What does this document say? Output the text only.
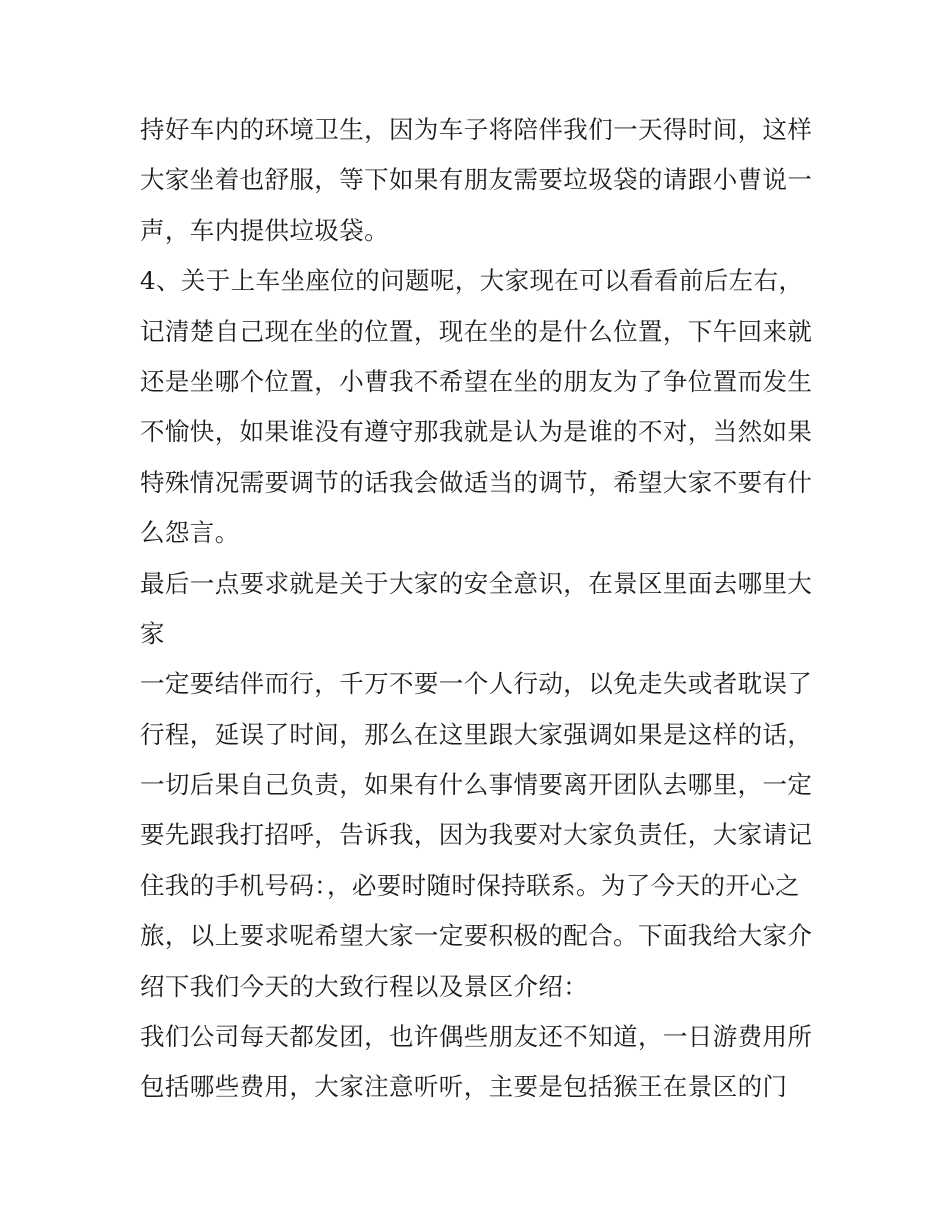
持好车内的环境卫生，因为车子将陪伴我们一天得时间，这样
大家坐着也舒服，等下如果有朋友需要垃圾袋的请跟小曹说一
声，车内提供垃圾袋。
4、关于上车坐座位的问题呢，大家现在可以看看前后左右，
记清楚自己现在坐的位置，现在坐的是什么位置，下午回来就
还是坐哪个位置，小曹我不希望在坐的朋友为了争位置而发生
不愉快，如果谁没有遵守那我就是认为是谁的不对，当然如果
特殊情况需要调节的话我会做适当的调节，希望大家不要有什
么怨言。
最后一点要求就是关于大家的安全意识，在景区里面去哪里大
家
一定要结伴而行，千万不要一个人行动，以免走失或者耽误了
行程，延误了时间，那么在这里跟大家强调如果是这样的话，
一切后果自己负责，如果有什么事情要离开团队去哪里，一定
要先跟我打招呼，告诉我，因为我要对大家负责任，大家请记
住我的手机号码：，必要时随时保持联系。为了今天的开心之
旅，以上要求呢希望大家一定要积极的配合。下面我给大家介
绍下我们今天的大致行程以及景区介绍：
我们公司每天都发团，也许偶些朋友还不知道，一日游费用所
包括哪些费用，大家注意听听，主要是包括猴王在景区的门
